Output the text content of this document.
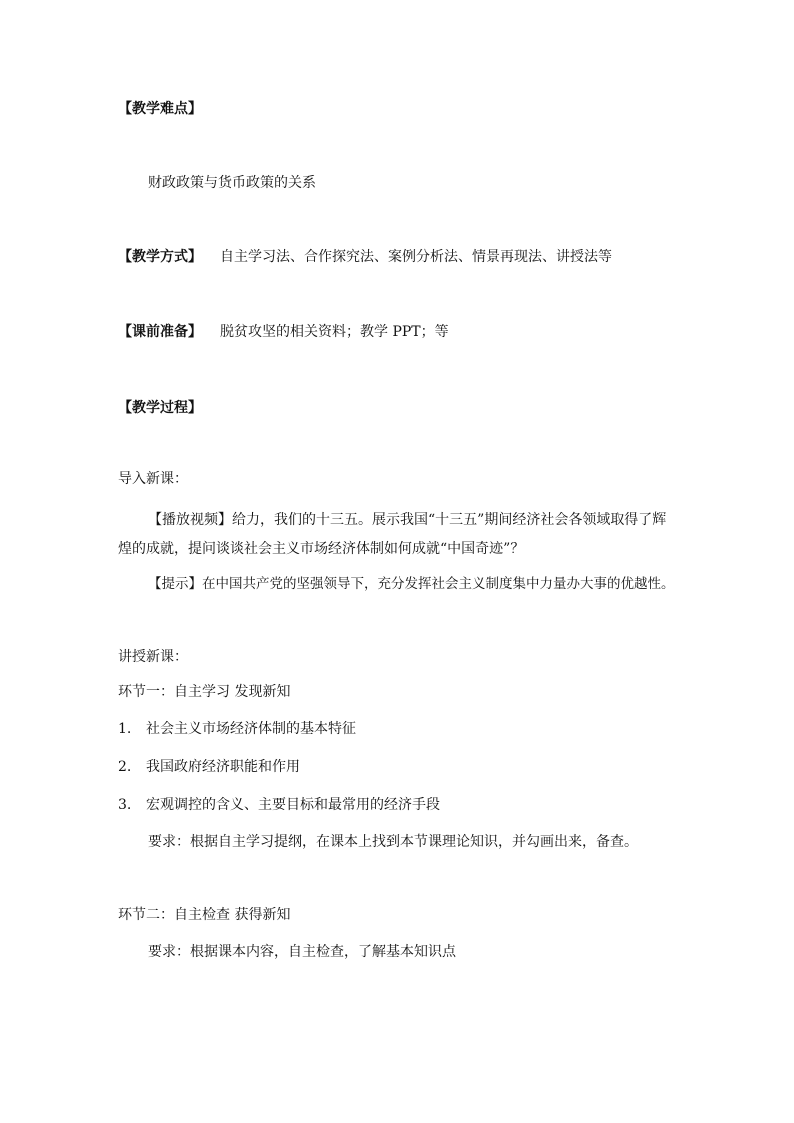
【教学难点】
财政政策与货币政策的关系
【教学方式】 自主学习法、合作探究法、案例分析法、情景再现法、讲授法等
【课前准备】 脱贫攻坚的相关资料；教学 PPT；等
【教学过程】
导入新课：
【播放视频】给力，我们的十三五。展示我国“十三五”期间经济社会各领域取得了辉
煌的成就，提问谈谈社会主义市场经济体制如何成就“中国奇迹”？
【提示】在中国共产党的坚强领导下，充分发挥社会主义制度集中力量办大事的优越性。
讲授新课：
环节一：自主学习 发现新知
1. 社会主义市场经济体制的基本特征
2. 我国政府经济职能和作用
3. 宏观调控的含义、主要目标和最常用的经济手段
要求：根据自主学习提纲，在课本上找到本节课理论知识，并勾画出来，备查。
环节二：自主检查 获得新知
要求：根据课本内容，自主检查，了解基本知识点
